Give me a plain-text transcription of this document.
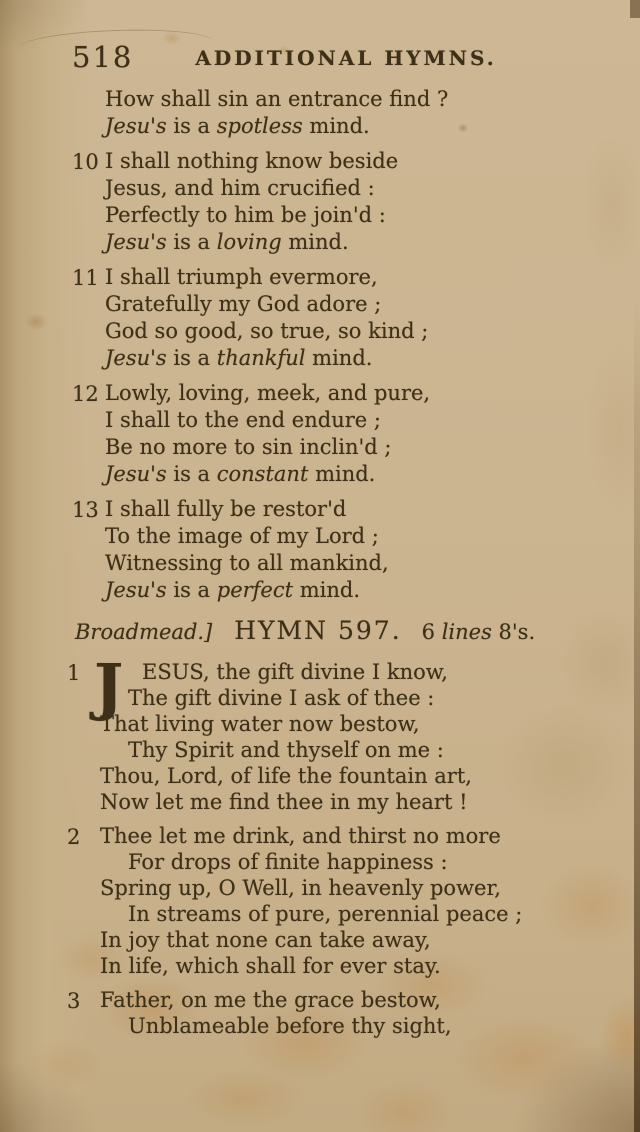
518	ADDITIONAL HYMNS.
How shall sin an entrance find ?
Jesu's is a spotless mind.
10 I shall nothing know beside
Jesus, and him crucified :
Perfectly to him be join'd :
Jesu's is a loving mind.
11 I shall triumph evermore,
Gratefully my God adore ;
God so good, so true, so kind ;
Jesu's is a thankful mind.
12 Lowly, loving, meek, and pure,
I shall to the end endure ;
Be no more to sin inclin'd ;
Jesu's is a constant mind.
13 I shall fully be restor'd
To the image of my Lord ;
Witnessing to all mankind,
Jesu's is a perfect mind.
Broadmead.] HYMN 597. 6 lines 8's.
1 J ESUS, the gift divine I know,
The gift divine I ask of thee :
That living water now bestow,
Thy Spirit and thyself on me :
Thou, Lord, of life the fountain art,
Now let me find thee in my heart !
2 Thee let me drink, and thirst no more
For drops of finite happiness :
Spring up, O Well, in heavenly power,
In streams of pure, perennial peace ;
In joy that none can take away,
In life, which shall for ever stay.
3 Father, on me the grace bestow,
Unblameable before thy sight,
